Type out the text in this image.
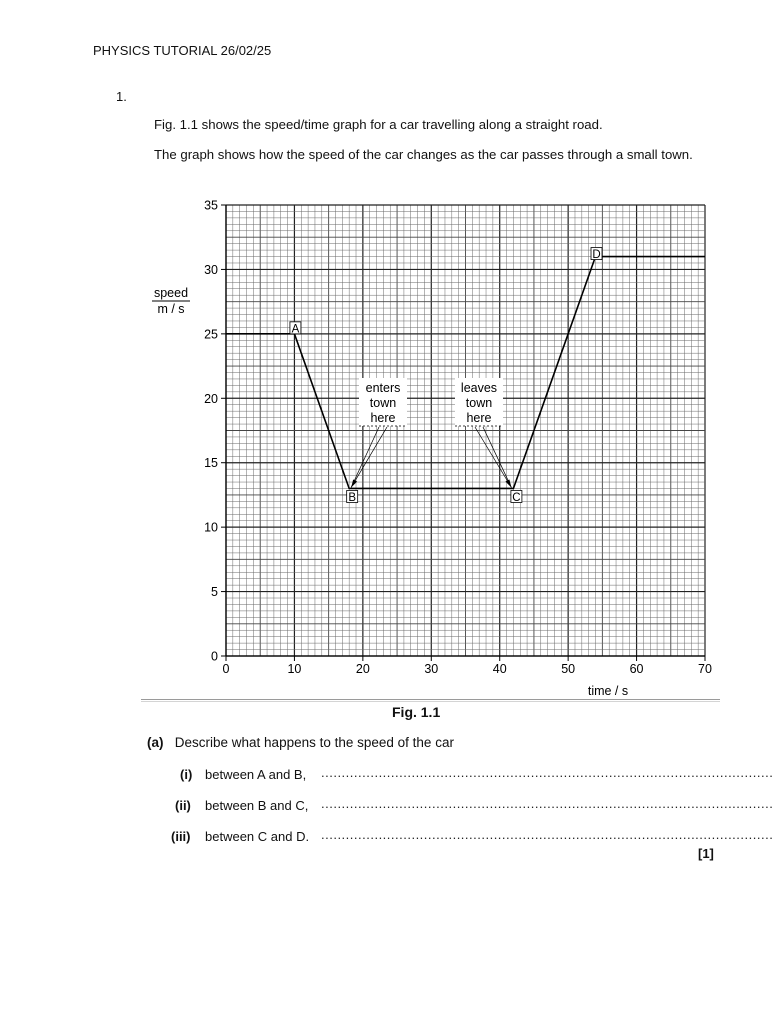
PHYSICS TUTORIAL 26/02/25
1.
Fig. 1.1 shows the speed/time graph for a car travelling along a straight road.
The graph shows how the speed of the car changes as the car passes through a small town.
0	10	20	30	40	50	60	70
0
5
10
15
20
25
30
35
A
B	C
D
enters
town
here
leaves
town
here
speed
m / s
time / s
Fig. 1.1
(a) Describe what happens to the speed of the car
(i) between A and B, ..............................................................................................................
(ii) between B and C, ..............................................................................................................
(iii) between C and D. ..............................................................................................................
[1]
